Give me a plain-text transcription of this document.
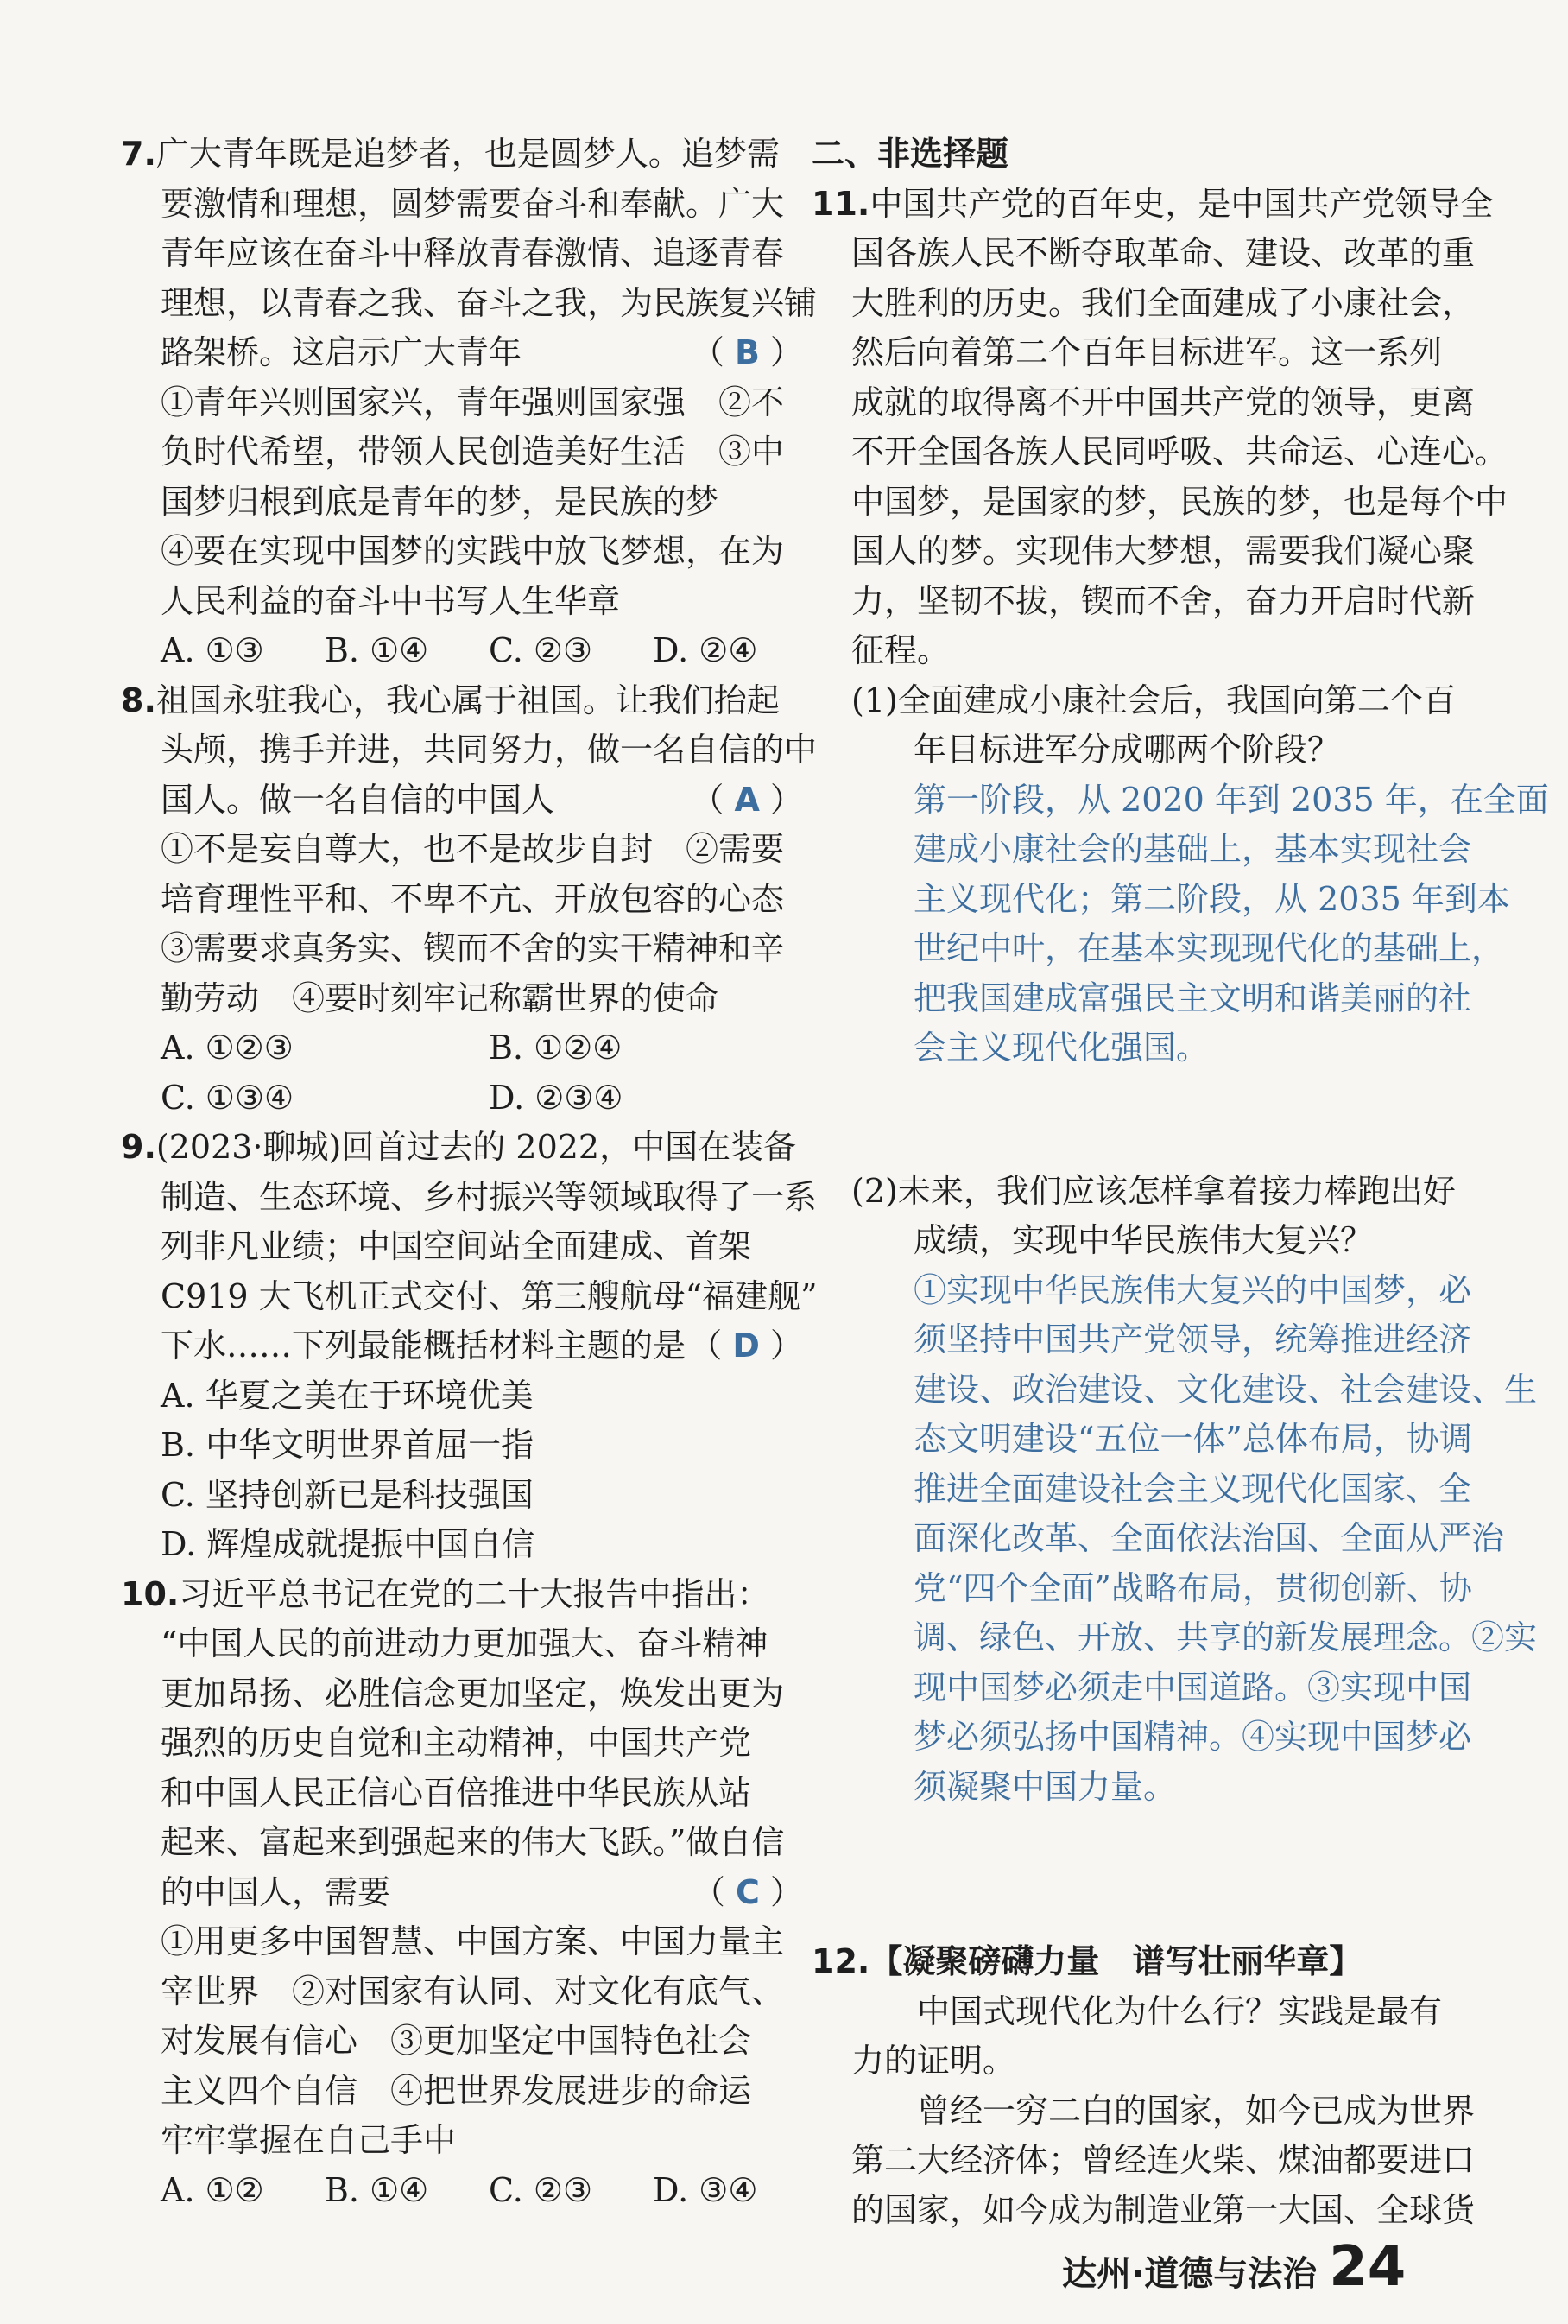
7.广大青年既是追梦者，也是圆梦人。追梦需
要激情和理想，圆梦需要奋斗和奉献。广大
青年应该在奋斗中释放青春激情、追逐青春
理想，以青春之我、奋斗之我，为民族复兴铺
路架桥。这启示广大青年	（ B ）
①青年兴则国家兴，青年强则国家强　②不
负时代希望，带领人民创造美好生活　③中
国梦归根到底是青年的梦，是民族的梦
④要在实现中国梦的实践中放飞梦想，在为
人民利益的奋斗中书写人生华章
A. ①③ B. ①④ C. ②③ D. ②④
8.祖国永驻我心，我心属于祖国。让我们抬起
头颅，携手并进，共同努力，做一名自信的中
国人。做一名自信的中国人	（ A ）
①不是妄自尊大，也不是故步自封　②需要
培育理性平和、不卑不亢、开放包容的心态
③需要求真务实、锲而不舍的实干精神和辛
勤劳动　④要时刻牢记称霸世界的使命
A. ①②③	B. ①②④
C. ①③④	D. ②③④
9.(2023·聊城)回首过去的 2022，中国在装备
制造、生态环境、乡村振兴等领域取得了一系
列非凡业绩；中国空间站全面建成、首架
C919 大飞机正式交付、第三艘航母“福建舰”
下水……下列最能概括材料主题的是 （ D ）
A. 华夏之美在于环境优美
B. 中华文明世界首屈一指
C. 坚持创新已是科技强国
D. 辉煌成就提振中国自信
10.习近平总书记在党的二十大报告中指出：
“中国人民的前进动力更加强大、奋斗精神
更加昂扬、必胜信念更加坚定，焕发出更为
强烈的历史自觉和主动精神，中国共产党
和中国人民正信心百倍推进中华民族从站
起来、富起来到强起来的伟大飞跃。”做自信
的中国人，需要	（ C ）
①用更多中国智慧、中国方案、中国力量主
宰世界　②对国家有认同、对文化有底气、
对发展有信心　③更加坚定中国特色社会
主义四个自信　④把世界发展进步的命运
牢牢掌握在自己手中
A. ①② B. ①④ C. ②③ D. ③④
二、非选择题
11.中国共产党的百年史，是中国共产党领导全
国各族人民不断夺取革命、建设、改革的重
大胜利的历史。我们全面建成了小康社会，
然后向着第二个百年目标进军。这一系列
成就的取得离不开中国共产党的领导，更离
不开全国各族人民同呼吸、共命运、心连心。
中国梦，是国家的梦，民族的梦，也是每个中
国人的梦。实现伟大梦想，需要我们凝心聚
力，坚韧不拔，锲而不舍，奋力开启时代新
征程。
(1)全面建成小康社会后，我国向第二个百
年目标进军分成哪两个阶段？
第一阶段，从 2020 年到 2035 年，在全面
建成小康社会的基础上，基本实现社会
主义现代化；第二阶段，从 2035 年到本
世纪中叶，在基本实现现代化的基础上，
把我国建成富强民主文明和谐美丽的社
会主义现代化强国。
(2)未来，我们应该怎样拿着接力棒跑出好
成绩，实现中华民族伟大复兴？
①实现中华民族伟大复兴的中国梦，必
须坚持中国共产党领导，统筹推进经济
建设、政治建设、文化建设、社会建设、生
态文明建设“五位一体”总体布局，协调
推进全面建设社会主义现代化国家、全
面深化改革、全面依法治国、全面从严治
党“四个全面”战略布局，贯彻创新、协
调、绿色、开放、共享的新发展理念。②实
现中国梦必须走中国道路。③实现中国
梦必须弘扬中国精神。④实现中国梦必
须凝聚中国力量。
12.【凝聚磅礴力量　谱写壮丽华章】
中国式现代化为什么行？实践是最有
力的证明。
曾经一穷二白的国家，如今已成为世界
第二大经济体；曾经连火柴、煤油都要进口
的国家，如今成为制造业第一大国、全球货
达州·道德与法治 24
